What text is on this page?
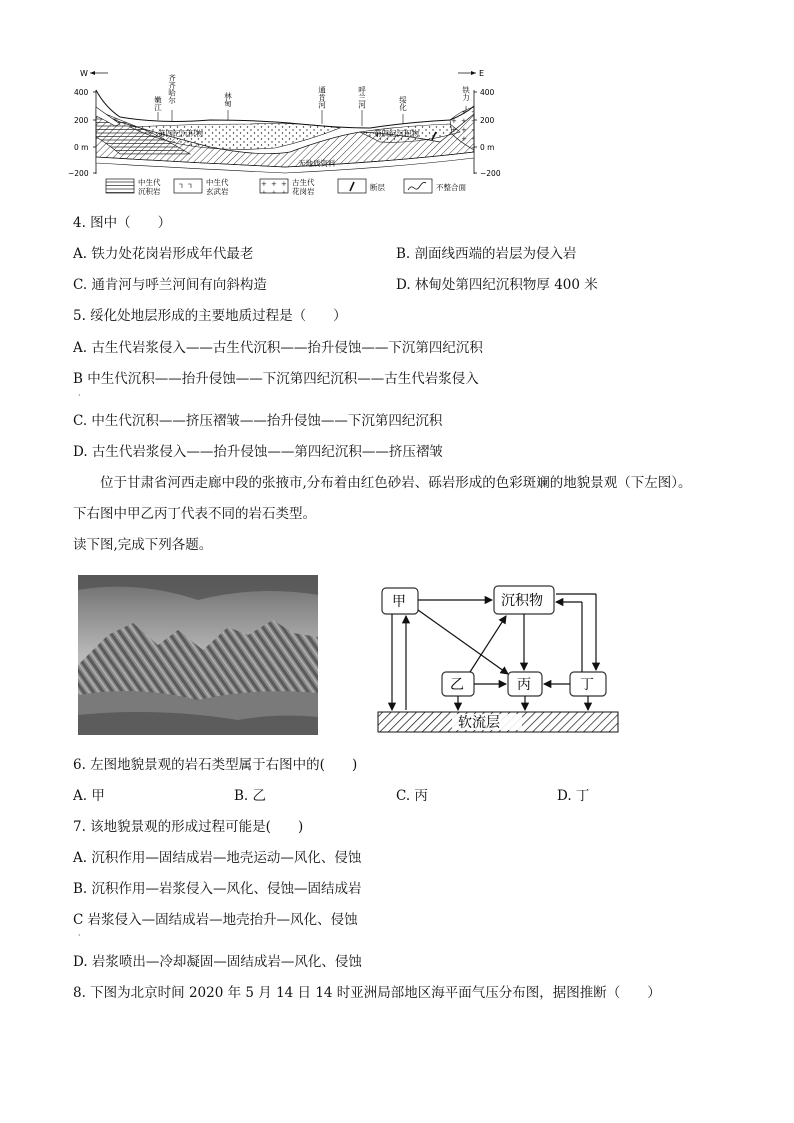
W	E
400
200
0 m
−200
400
200
0 m
−200
第四纪沉积物	第四纪沉积物
无地质资料
嫩江 齐齐哈尔	林甸	通肯河	呼兰河	绥化
铁力
中生代
沉积岩
中生代
玄武岩
古生代
花岗岩	断层	不整合面
4. 图中（　　）
A. 铁力处花岗岩形成年代最老	B. 剖面线西端的岩层为侵入岩
C. 通肯河与呼兰河间有向斜构造	D. 林甸处第四纪沉积物厚 400 米
5. 绥化处地层形成的主要地质过程是（　　）
A. 古生代岩浆侵入——古生代沉积——抬升侵蚀——下沉第四纪沉积
B 中生代沉积——抬升侵蚀——下沉第四纪沉积——古生代岩浆侵入
·
C. 中生代沉积——挤压褶皱——抬升侵蚀——下沉第四纪沉积
D. 古生代岩浆侵入——抬升侵蚀——第四纪沉积——挤压褶皱
位于甘肃省河西走廊中段的张掖市,分布着由红色砂岩、砾岩形成的色彩斑斓的地貌景观（下左图）。
下右图中甲乙丙丁代表不同的岩石类型。
读下图,完成下列各题。
甲	沉积物
乙	丙	丁
软流层
6. 左图地貌景观的岩石类型属于右图中的(　　)
A. 甲	B. 乙	C. 丙	D. 丁
7. 该地貌景观的形成过程可能是(　　)
A. 沉积作用—固结成岩—地壳运动—风化、侵蚀
B. 沉积作用—岩浆侵入—风化、侵蚀—固结成岩
C 岩浆侵入—固结成岩—地壳抬升—风化、侵蚀
·
D. 岩浆喷出—冷却凝固—固结成岩—风化、侵蚀
8. 下图为北京时间 2020 年 5 月 14 日 14 时亚洲局部地区海平面气压分布图，据图推断（　　）
